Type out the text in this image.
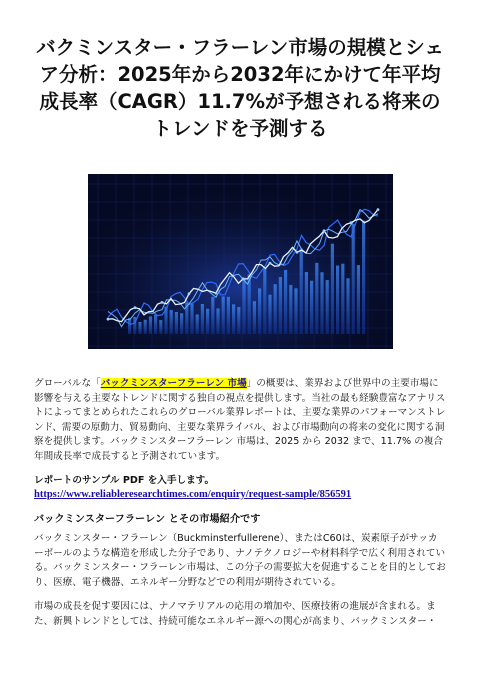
バクミンスター・フラーレン市場の規模とシェア分析：2025年から2032年にかけて年平均成長率（CAGR）11.7%が予想される将来のトレンドを予測する

グローバルな「バックミンスターフラーレン 市場」の概要は、業界および世界中の主要市場に影響を与える主要なトレンドに関する独自の視点を提供します。当社の最も経験豊富なアナリストによってまとめられたこれらのグローバル業界レポートは、主要な業界のパフォーマンストレンド、需要の原動力、貿易動向、主要な業界ライバル、および市場動向の将来の変化に関する洞察を提供します。バックミンスターフラーレン 市場は、2025 から 2032 まで、11.7% の複合年間成長率で成長すると予測されています。

レポートのサンプル PDF を入手します。 https://www.reliableresearchtimes.com/enquiry/request-sample/856591

バックミンスターフラーレン とその市場紹介です

バックミンスター・フラーレン（Buckminsterfullerene）、またはC60は、炭素原子がサッカーボールのような構造を形成した分子であり、ナノテクノロジーや材料科学で広く利用されている。バックミンスター・フラーレン市場は、この分子の需要拡大を促進することを目的としており、医療、電子機器、エネルギー分野などでの利用が期待されている。

市場の成長を促す要因には、ナノマテリアルの応用の増加や、医療技術の進展が含まれる。また、新興トレンドとしては、持続可能なエネルギー源への関心が高まり、バックミンスター・
